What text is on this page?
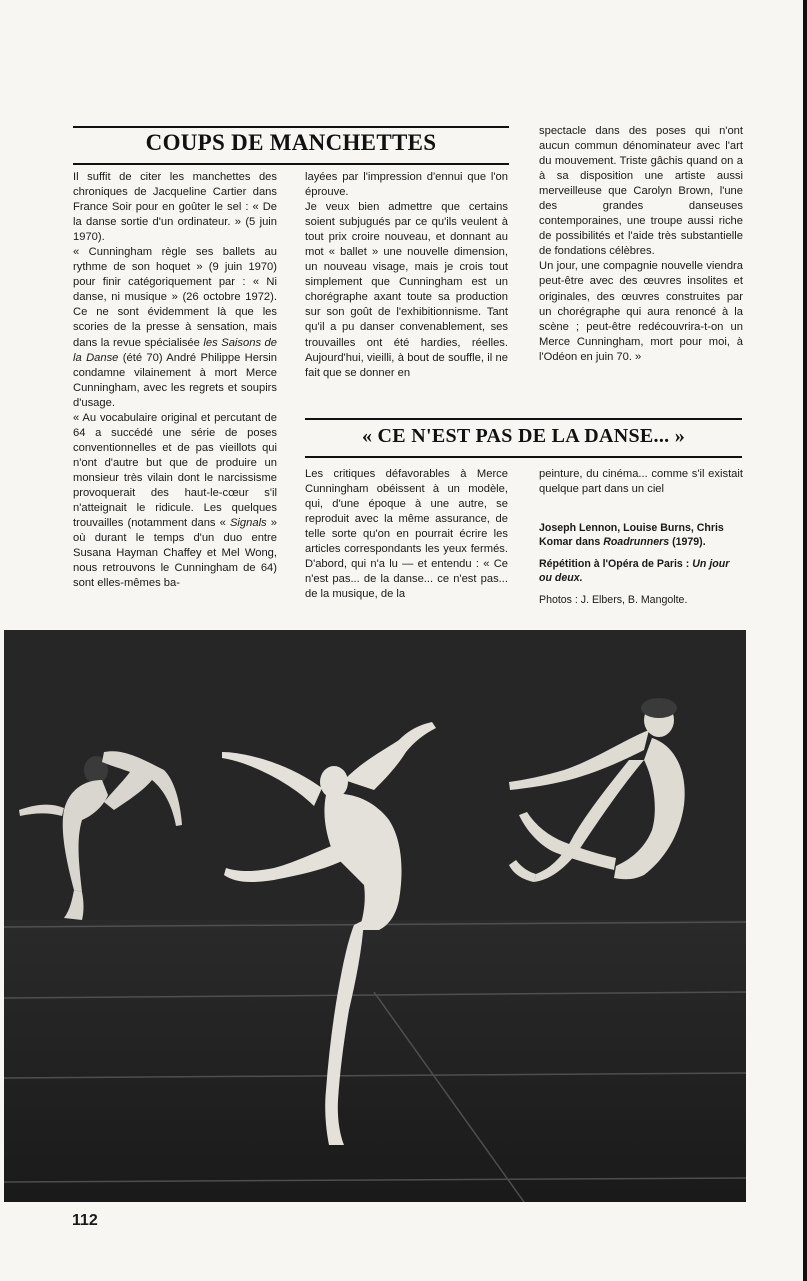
COUPS DE MANCHETTES

Il suffit de citer les manchettes des chroniques de Jacqueline Cartier dans France Soir pour en goûter le sel : « De la danse sortie d'un ordinateur. » (5 juin 1970).

« Cunningham règle ses ballets au rythme de son hoquet » (9 juin 1970) pour finir catégoriquement par : « Ni danse, ni musique » (26 octobre 1972). Ce ne sont évidemment là que les scories de la presse à sensation, mais dans la revue spécialisée les Saisons de la Danse (été 70) André Philippe Hersin condamne vilainement à mort Merce Cunningham, avec les regrets et soupirs d'usage.

« Au vocabulaire original et percutant de 64 a succédé une série de poses conventionnelles et de pas vieillots qui n'ont d'autre but que de produire un monsieur très vilain dont le narcissisme provoquerait des haut-le-cœur s'il n'atteignait le ridicule. Les quelques trouvailles (notamment dans « Signals » où durant le temps d'un duo entre Susana Hayman Chaffey et Mel Wong, nous retrouvons le Cunningham de 64) sont elles-mêmes ba-

layées par l'impression d'ennui que l'on éprouve.

Je veux bien admettre que certains soient subjugués par ce qu'ils veulent à tout prix croire nouveau, et donnant au mot « ballet » une nouvelle dimension, un nouveau visage, mais je crois tout simplement que Cunningham est un chorégraphe axant toute sa production sur son goût de l'exhibitionnisme. Tant qu'il a pu danser convenablement, ses trouvailles ont été hardies, réelles. Aujourd'hui, vieilli, à bout de souffle, il ne fait que se donner en

spectacle dans des poses qui n'ont aucun commun dénominateur avec l'art du mouvement. Triste gâchis quand on a à sa disposition une artiste aussi merveilleuse que Carolyn Brown, l'une des grandes danseuses contemporaines, une troupe aussi riche de possibilités et l'aide très substantielle de fondations célèbres.

Un jour, une compagnie nouvelle viendra peut-être avec des œuvres insolites et originales, des œuvres construites par un chorégraphe qui aura renoncé à la scène ; peut-être redécouvrira-t-on un Merce Cunningham, mort pour moi, à l'Odéon en juin 70. »

« CE N'EST PAS DE LA DANSE... »

Les critiques défavorables à Merce Cunningham obéissent à un modèle, qui, d'une époque à une autre, se reproduit avec la même assurance, de telle sorte qu'on en pourrait écrire les articles correspondants les yeux fermés. D'abord, qui n'a lu — et entendu : « Ce n'est pas... de la danse... ce n'est pas... de la musique, de la

peinture, du cinéma... comme s'il existait quelque part dans un ciel

Joseph Lennon, Louise Burns, Chris Komar dans Roadrunners (1979).

Répétition à l'Opéra de Paris : Un jour ou deux.

Photos : J. Elbers, B. Mangolte.

112
